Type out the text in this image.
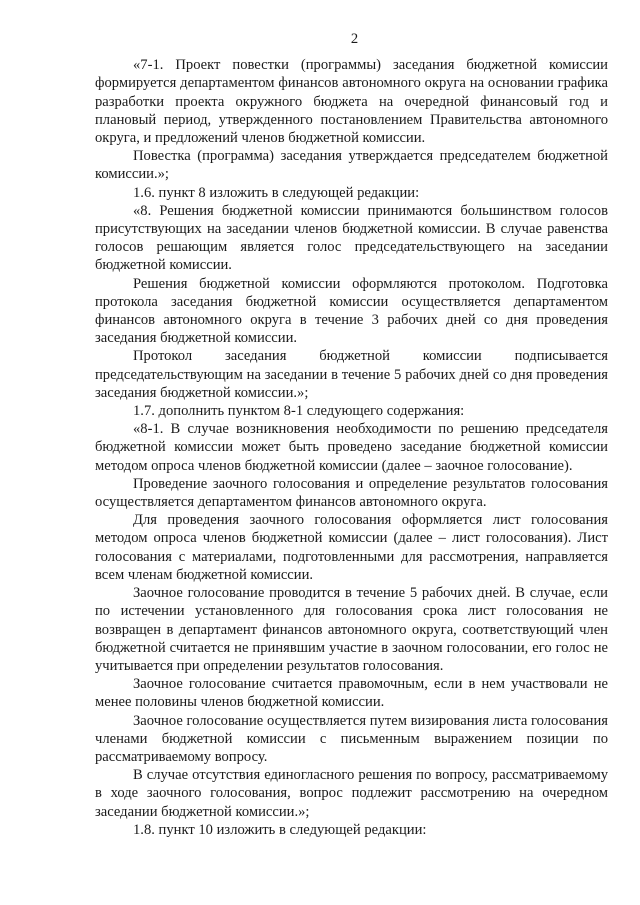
2

«7-1. Проект повестки (программы) заседания бюджетной комиссии формируется департаментом финансов автономного округа на основании графика разработки проекта окружного бюджета на очередной финансовый год и плановый период, утвержденного постановлением Правительства автономного округа, и предложений членов бюджетной комиссии.

Повестка (программа) заседания утверждается председателем бюджетной комиссии.»;

1.6. пункт 8 изложить в следующей редакции:

«8. Решения бюджетной комиссии принимаются большинством голосов присутствующих на заседании членов бюджетной комиссии. В случае равенства голосов решающим является голос председательствующего на заседании бюджетной комиссии.

Решения бюджетной комиссии оформляются протоколом. Подготовка протокола заседания бюджетной комиссии осуществляется департаментом финансов автономного округа в течение 3 рабочих дней со дня проведения заседания бюджетной комиссии.

Протокол заседания бюджетной комиссии подписывается председательствующим на заседании в течение 5 рабочих дней со дня проведения заседания бюджетной комиссии.»;

1.7. дополнить пунктом 8-1 следующего содержания:

«8-1. В случае возникновения необходимости по решению председателя бюджетной комиссии может быть проведено заседание бюджетной комиссии методом опроса членов бюджетной комиссии (далее – заочное голосование).

Проведение заочного голосования и определение результатов голосования осуществляется департаментом финансов автономного округа.

Для проведения заочного голосования оформляется лист голосования методом опроса членов бюджетной комиссии (далее – лист голосования). Лист голосования с материалами, подготовленными для рассмотрения, направляется всем членам бюджетной комиссии.

Заочное голосование проводится в течение 5 рабочих дней. В случае, если по истечении установленного для голосования срока лист голосования не возвращен в департамент финансов автономного округа, соответствующий член бюджетной считается не принявшим участие в заочном голосовании, его голос не учитывается при определении результатов голосования.

Заочное голосование считается правомочным, если в нем участвовали не менее половины членов бюджетной комиссии.

Заочное голосование осуществляется путем визирования листа голосования членами бюджетной комиссии с письменным выражением позиции по рассматриваемому вопросу.

В случае отсутствия единогласного решения по вопросу, рассматриваемому в ходе заочного голосования, вопрос подлежит рассмотрению на очередном заседании бюджетной комиссии.»;

1.8. пункт 10 изложить в следующей редакции:
